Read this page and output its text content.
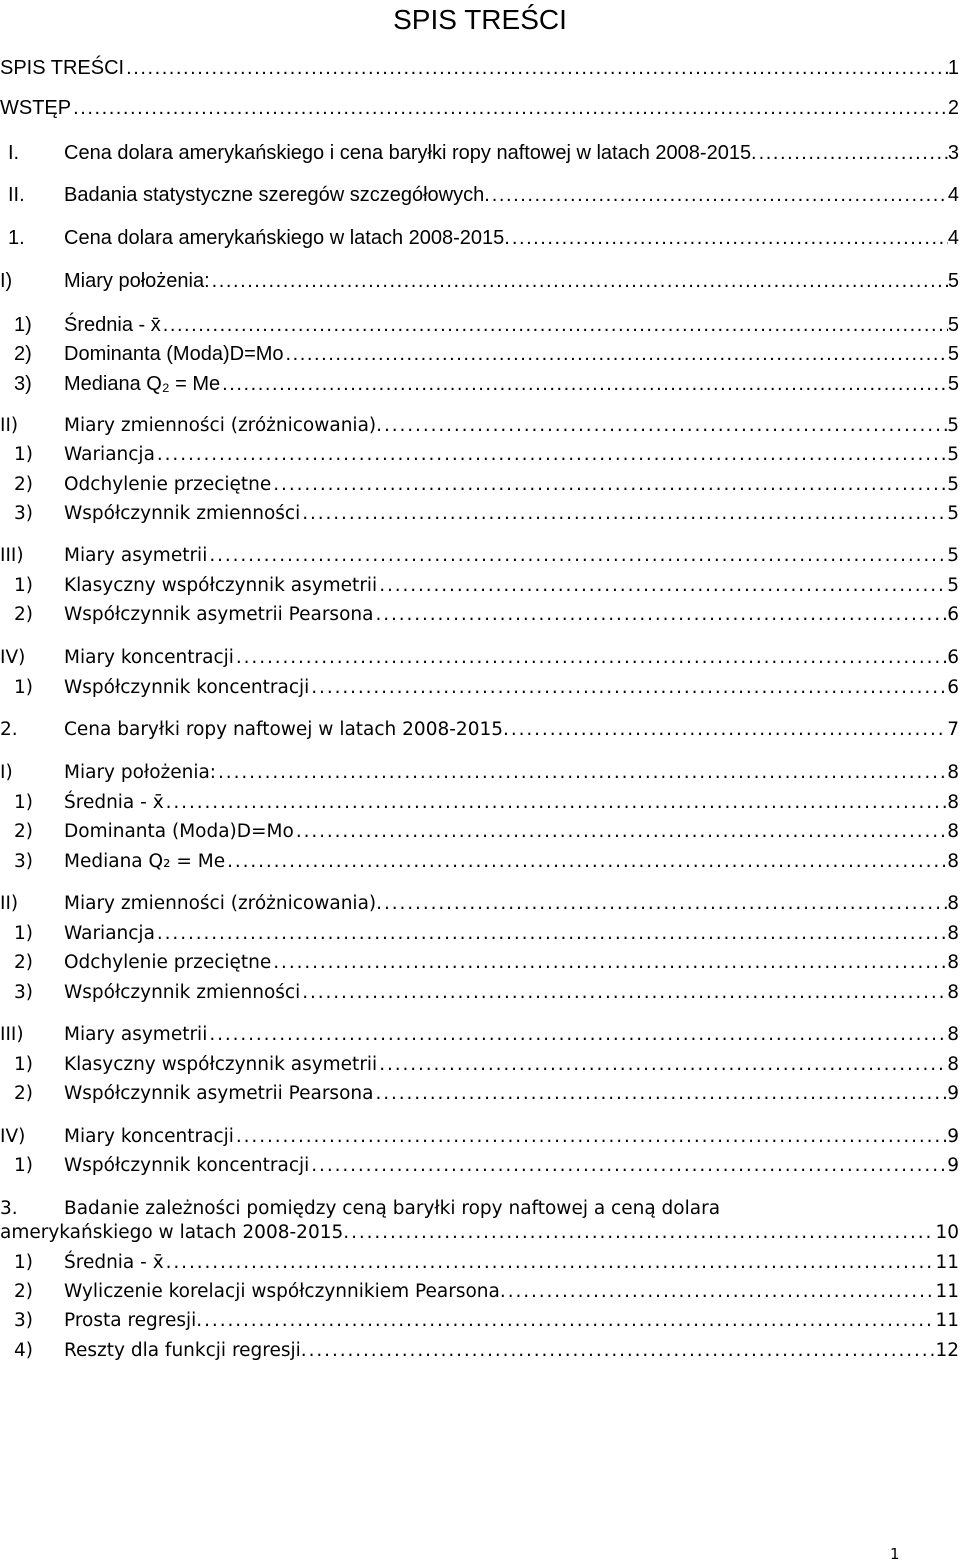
SPIS TREŚCI
SPIS TREŚCI . . .	1
WSTĘP . . .	2
I. Cena dolara amerykańskiego i cena baryłki ropy naftowej w latach 2008-2015. . . .	3
II. Badania statystyczne szeregów szczegółowych. . . .	4
1. Cena dolara amerykańskiego w latach 2008-2015. . . .	4
I)	Miary położenia: . . .	5
1) Średnia - x̄ . . .	5
2) Dominanta (Moda)D=Mo . . .	5
3) Mediana Q₂ = Me . . .	5
II) Miary zmienności (zróżnicowania). . . .	5
1) Wariancja . . .	5
2) Odchylenie przeciętne . . .	5
3) Współczynnik zmienności . . .	5
III) Miary asymetrii . . .	5
1) Klasyczny współczynnik asymetrii . . .	5
2) Współczynnik asymetrii Pearsona . . .	6
IV) Miary koncentracji . . .	6
1) Współczynnik koncentracji . . .	6
2.	Cena baryłki ropy naftowej w latach 2008-2015. . . .	7
I)	Miary położenia: . . .	8
1) Średnia - x̄ . . .	8
2) Dominanta (Moda)D=Mo . . .	8
3) Mediana Q₂ = Me . . .	8
II) Miary zmienności (zróżnicowania). . . .	8
1) Wariancja . . .	8
2) Odchylenie przeciętne . . .	8
3) Współczynnik zmienności . . .	8
III) Miary asymetrii . . .	8
1) Klasyczny współczynnik asymetrii . . .	8
2) Współczynnik asymetrii Pearsona . . .	9
IV) Miary koncentracji . . .	9
1) Współczynnik koncentracji . . .	9
3.	Badanie zależności pomiędzy ceną baryłki ropy naftowej a ceną dolara
amerykańskiego w latach 2008-2015. . . .	10
1) Średnia - x̄ . . .	11
2) Wyliczenie korelacji współczynnikiem Pearsona. . . .	11
3) Prosta regresji. . . .	11
4) Reszty dla funkcji regresji. . . .	12
1
